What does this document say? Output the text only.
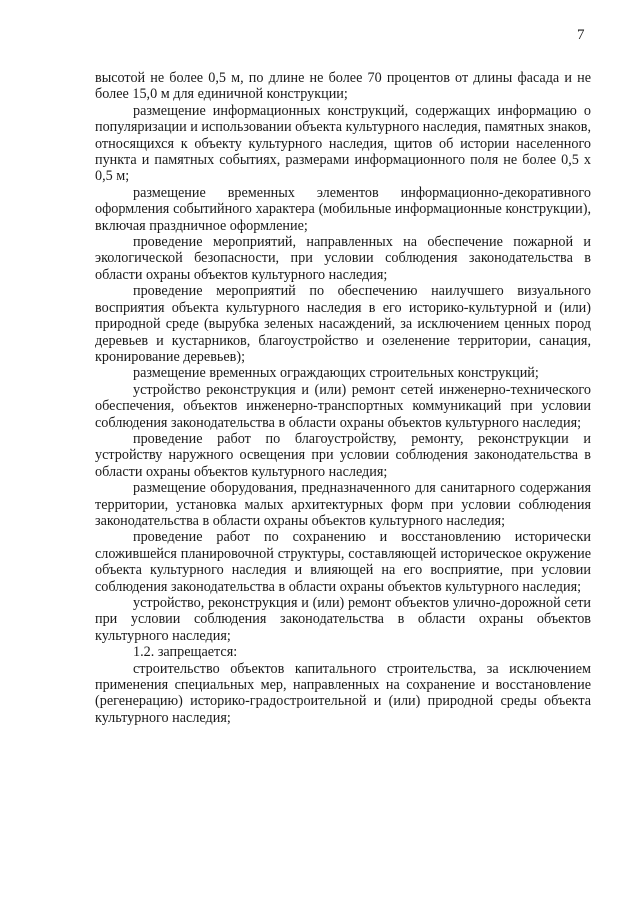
7

высотой не более 0,5 м, по длине не более 70 процентов от длины фасада и не более 15,0 м для единичной конструкции;

размещение информационных конструкций, содержащих информацию о популяризации и использовании объекта культурного наследия, памятных знаков, относящихся к объекту культурного наследия, щитов об истории населенного пункта и памятных событиях, размерами информационного поля не более 0,5 х 0,5 м;

размещение временных элементов информационно-декоративного оформления событийного характера (мобильные информационные конструкции), включая праздничное оформление;

проведение мероприятий, направленных на обеспечение пожарной и экологической безопасности, при условии соблюдения законодательства в области охраны объектов культурного наследия;

проведение мероприятий по обеспечению наилучшего визуального восприятия объекта культурного наследия в его историко-культурной и (или) природной среде (вырубка зеленых насаждений, за исключением ценных пород деревьев и кустарников, благоустройство и озеленение территории, санация, кронирование деревьев);

размещение временных ограждающих строительных конструкций;

устройство реконструкция и (или) ремонт сетей инженерно-технического обеспечения, объектов инженерно-транспортных коммуникаций при условии соблюдения законодательства в области охраны объектов культурного наследия;

проведение работ по благоустройству, ремонту, реконструкции и устройству наружного освещения при условии соблюдения законодательства в области охраны объектов культурного наследия;

размещение оборудования, предназначенного для санитарного содержания территории, установка малых архитектурных форм при условии соблюдения законодательства в области охраны объектов культурного наследия;

проведение работ по сохранению и восстановлению исторически сложившейся планировочной структуры, составляющей историческое окружение объекта культурного наследия и влияющей на его восприятие, при условии соблюдения законодательства в области охраны объектов культурного наследия;

устройство, реконструкция и (или) ремонт объектов улично-дорожной сети при условии соблюдения законодательства в области охраны объектов культурного наследия;

1.2. запрещается:

строительство объектов капитального строительства, за исключением применения специальных мер, направленных на сохранение и восстановление (регенерацию) историко-градостроительной и (или) природной среды объекта культурного наследия;
